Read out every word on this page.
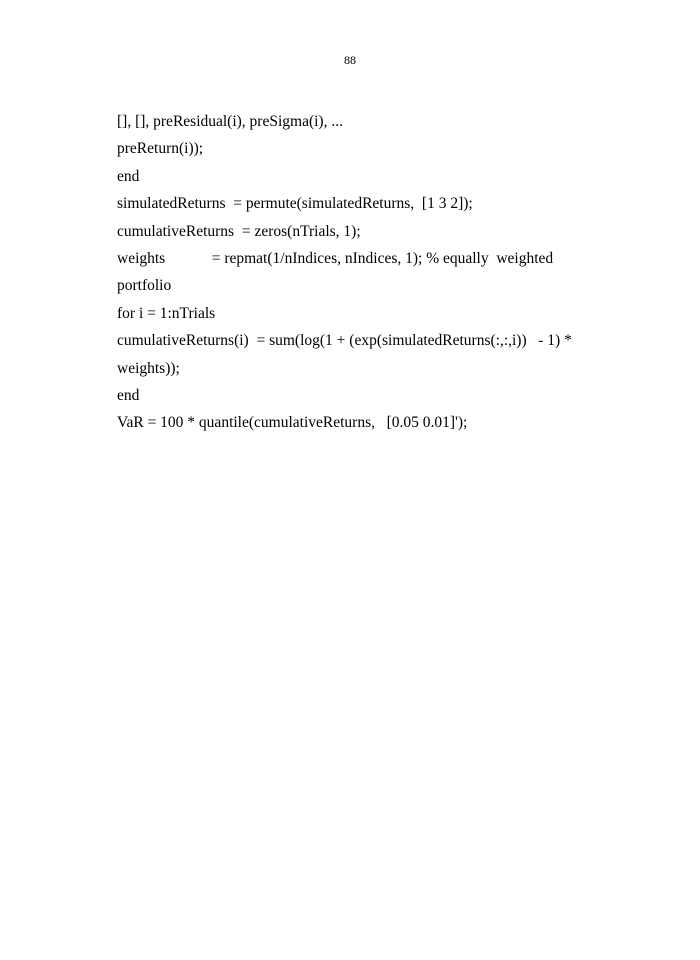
88
[], [], preResidual(i), preSigma(i), ...
preReturn(i));
end
simulatedReturns  = permute(simulatedReturns,  [1 3 2]);
cumulativeReturns  = zeros(nTrials, 1);
weights            = repmat(1/nIndices, nIndices, 1); % equally  weighted
portfolio
for i = 1:nTrials
cumulativeReturns(i)  = sum(log(1 + (exp(simulatedReturns(:,:,i))   - 1) *
weights));
end
VaR = 100 * quantile(cumulativeReturns,   [0.05 0.01]');
